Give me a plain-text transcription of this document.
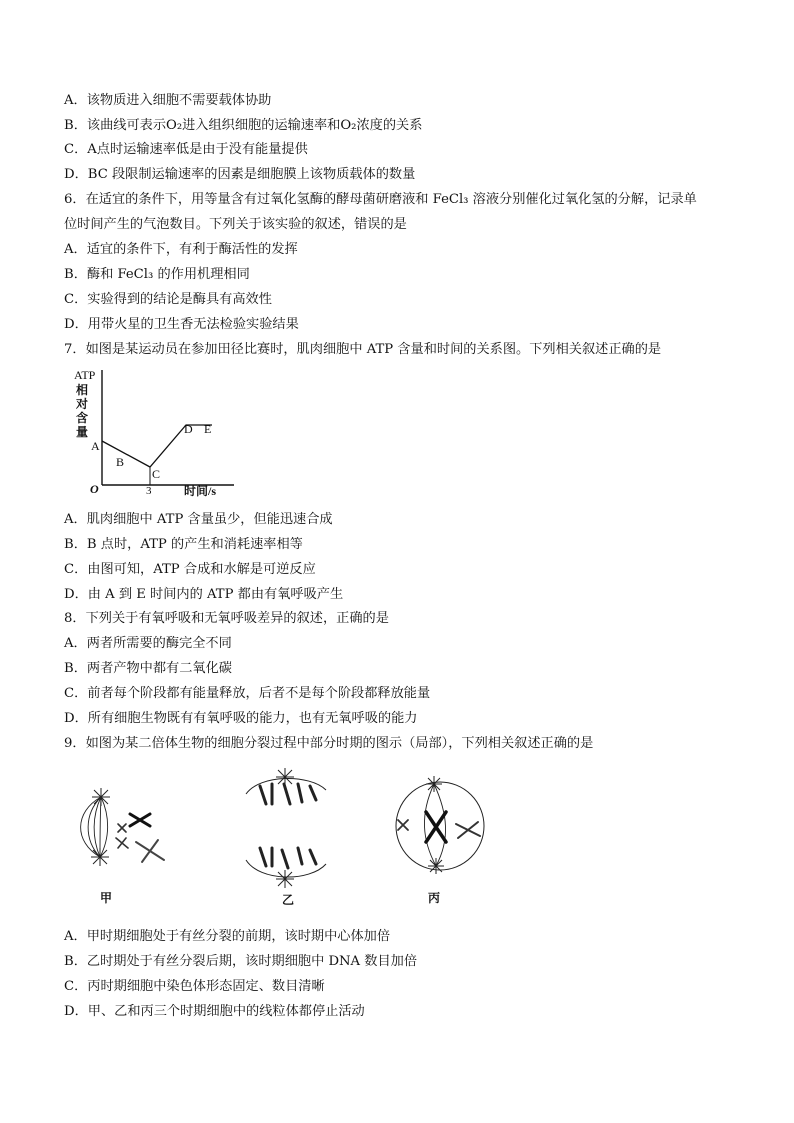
A．该物质进入细胞不需要载体协助
B．该曲线可表示O₂进入组织细胞的运输速率和O₂浓度的关系
C．A点时运输速率低是由于没有能量提供
D．BC 段限制运输速率的因素是细胞膜上该物质载体的数量
6．在适宜的条件下，用等量含有过氧化氢酶的酵母菌研磨液和 FeCl₃ 溶液分别催化过氧化氢的分解，记录单
位时间产生的气泡数目。下列关于该实验的叙述，错误的是
A．适宜的条件下，有利于酶活性的发挥
B．酶和 FeCl₃ 的作用机理相同
C．实验得到的结论是酶具有高效性
D．用带火星的卫生香无法检验实验结果
7．如图是某运动员在参加田径比赛时，肌肉细胞中 ATP 含量和时间的关系图。下列相关叙述正确的是
ATP
相
对
含
量
A
B
C
D E
O	3	时间/s
A．肌肉细胞中 ATP 含量虽少，但能迅速合成
B．B 点时，ATP 的产生和消耗速率相等
C．由图可知，ATP 合成和水解是可逆反应
D．由 A 到 E 时间内的 ATP 都由有氧呼吸产生
8．下列关于有氧呼吸和无氧呼吸差异的叙述，正确的是
A．两者所需要的酶完全不同
B．两者产物中都有二氧化碳
C．前者每个阶段都有能量释放，后者不是每个阶段都释放能量
D．所有细胞生物既有有氧呼吸的能力，也有无氧呼吸的能力
9．如图为某二倍体生物的细胞分裂过程中部分时期的图示（局部），下列相关叙述正确的是
甲	乙	丙
A．甲时期细胞处于有丝分裂的前期，该时期中心体加倍
B．乙时期处于有丝分裂后期，该时期细胞中 DNA 数目加倍
C．丙时期细胞中染色体形态固定、数目清晰
D．甲、乙和丙三个时期细胞中的线粒体都停止活动
